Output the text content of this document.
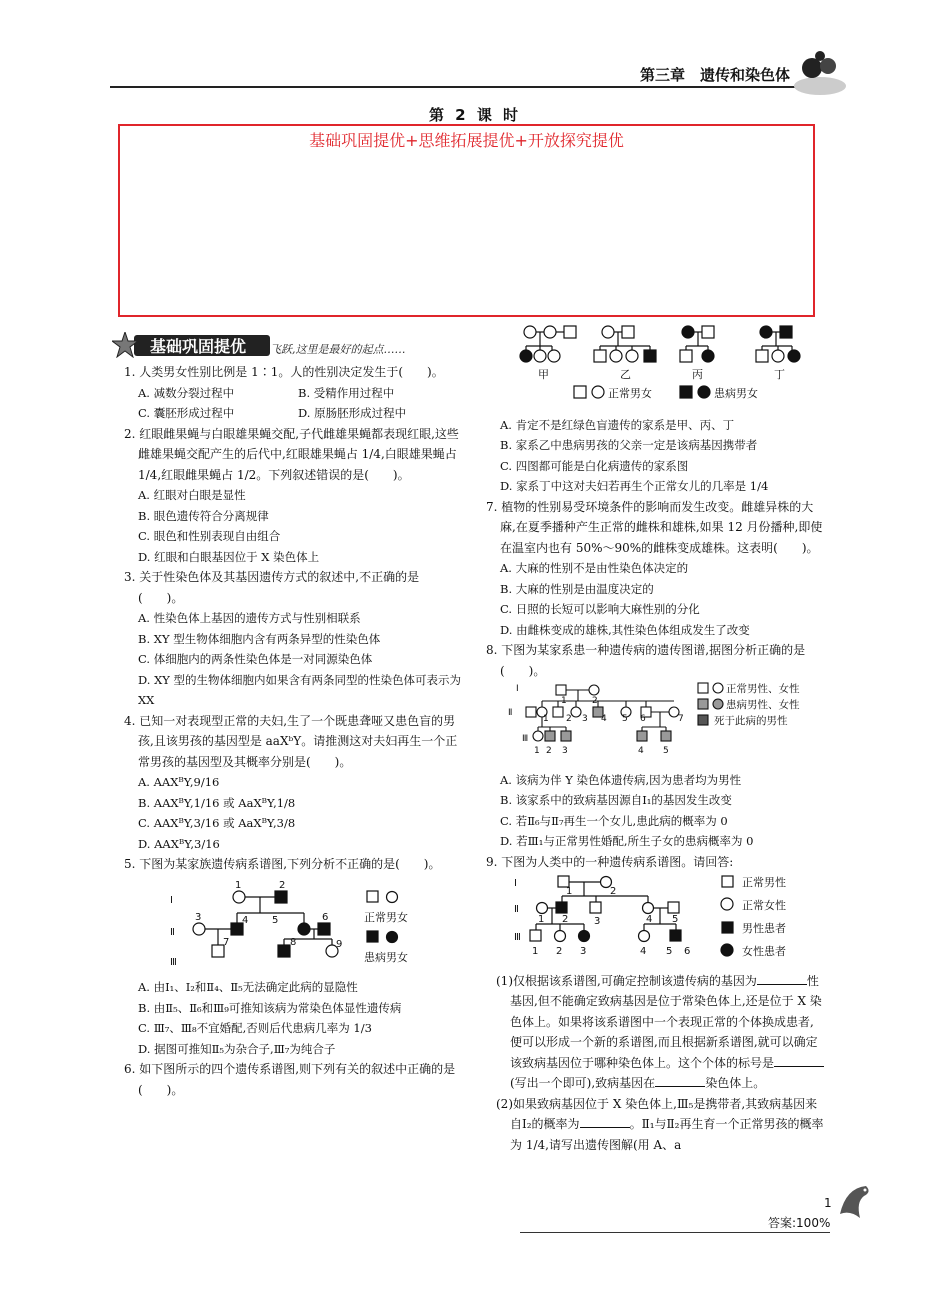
第三章　遗传和染色体
第 2 课 时
基础巩固提优+思维拓展提优+开放探究提优
基础巩固提优 飞跃,这里是最好的起点……

1. 人类男女性别比例是 1∶1。人的性别决定发生于(　　)。

A. 减数分裂过程中	B. 受精作用过程中
C. 囊胚形成过程中	D. 原肠胚形成过程中

2. 红眼雌果蝇与白眼雄果蝇交配,子代雌雄果蝇都表现红眼,这些雌雄果蝇交配产生的后代中,红眼雄果蝇占 1/4,白眼雄果蝇占 1/4,红眼雌果蝇占 1/2。下列叙述错误的是(　　)。

A. 红眼对白眼是显性

B. 眼色遗传符合分离规律

C. 眼色和性别表现自由组合

D. 红眼和白眼基因位于 X 染色体上

3. 关于性染色体及其基因遗传方式的叙述中,不正确的是(　　)。

A. 性染色体上基因的遗传方式与性别相联系

B. XY 型生物体细胞内含有两条异型的性染色体

C. 体细胞内的两条性染色体是一对同源染色体

D. XY 型的生物体细胞内如果含有两条同型的性染色体可表示为 XX

4. 已知一对表现型正常的夫妇,生了一个既患聋哑又患色盲的男孩,且该男孩的基因型是 aaXᵇY。请推测这对夫妇再生一个正常男孩的基因型及其概率分别是(　　)。

A. AAXᴮY,9/16

B. AAXᴮY,1/16 或 AaXᴮY,1/8

C. AAXᴮY,3/16 或 AaXᴮY,3/8

D. AAXᴮY,3/16

5. 下图为某家族遗传病系谱图,下列分析不正确的是(　　)。

Ⅰ
Ⅱ
Ⅲ
1	2
3	4 5	6
7	8	9
正常男女
患病男女

A. 由Ⅰ₁、Ⅰ₂和Ⅱ₄、Ⅱ₅无法确定此病的显隐性

B. 由Ⅱ₅、Ⅱ₆和Ⅲ₉可推知该病为常染色体显性遗传病

C. Ⅲ₇、Ⅲ₈不宜婚配,否则后代患病几率为 1/3

D. 据图可推知Ⅱ₅为杂合子,Ⅲ₇为纯合子

6. 如下图所示的四个遗传系谱图,则下列有关的叙述中正确的是(　　)。

甲	乙	丙	丁
正常男女	患病男女

A. 肯定不是红绿色盲遗传的家系是甲、丙、丁

B. 家系乙中患病男孩的父亲一定是该病基因携带者

C. 四图都可能是白化病遗传的家系图

D. 家系丁中这对夫妇若再生个正常女儿的几率是 1/4

7. 植物的性别易受环境条件的影响而发生改变。雌雄异株的大麻,在夏季播种产生正常的雌株和雄株,如果 12 月份播种,即使在温室内也有 50%～90%的雌株变成雄株。这表明(　　)。

A. 大麻的性别不是由性染色体决定的

B. 大麻的性别是由温度决定的

C. 日照的长短可以影响大麻性别的分化

D. 由雌株变成的雄株,其性染色体组成发生了改变

8. 下图为某家系患一种遗传病的遗传图谱,据图分析正确的是(　　)。

Ⅰ
Ⅱ
Ⅲ
1	2
1 2 3 4 5 6	7
1 2 3	4 5
正常男性、女性
患病男性、女性
死于此病的男性

A. 该病为伴 Y 染色体遗传病,因为患者均为男性

B. 该家系中的致病基因源自Ⅰ₁的基因发生改变

C. 若Ⅱ₆与Ⅱ₇再生一个女儿,患此病的概率为 0

D. 若Ⅲ₁与正常男性婚配,所生子女的患病概率为 0

9. 下图为人类中的一种遗传病系谱图。请回答:

Ⅰ
Ⅱ
Ⅲ
1	2
1 2	3	4 5
1 2 3	4 5 6
正常男性
正常女性
男性患者
女性患者

(1)仅根据该系谱图,可确定控制该遗传病的基因为	性基因,但不能确定致病基因是位于常染色体上,还是位于 X 染色体上。如果将该系谱图中一个表现正常的个体换成患者,便可以形成一个新的系谱图,而且根据新系谱图,就可以确定该致病基因位于哪种染色体上。这个个体的标号是(写出一个即可),致病基因在	染色体上。

(2)如果致病基因位于 X 染色体上,Ⅲ₅是携带者,其致病基因来自Ⅰ₂的概率为	。Ⅱ₁与Ⅱ₂再生育一个正常男孩的概率为 1/4,请写出遗传图解(用 A、a

答案:100%
1
